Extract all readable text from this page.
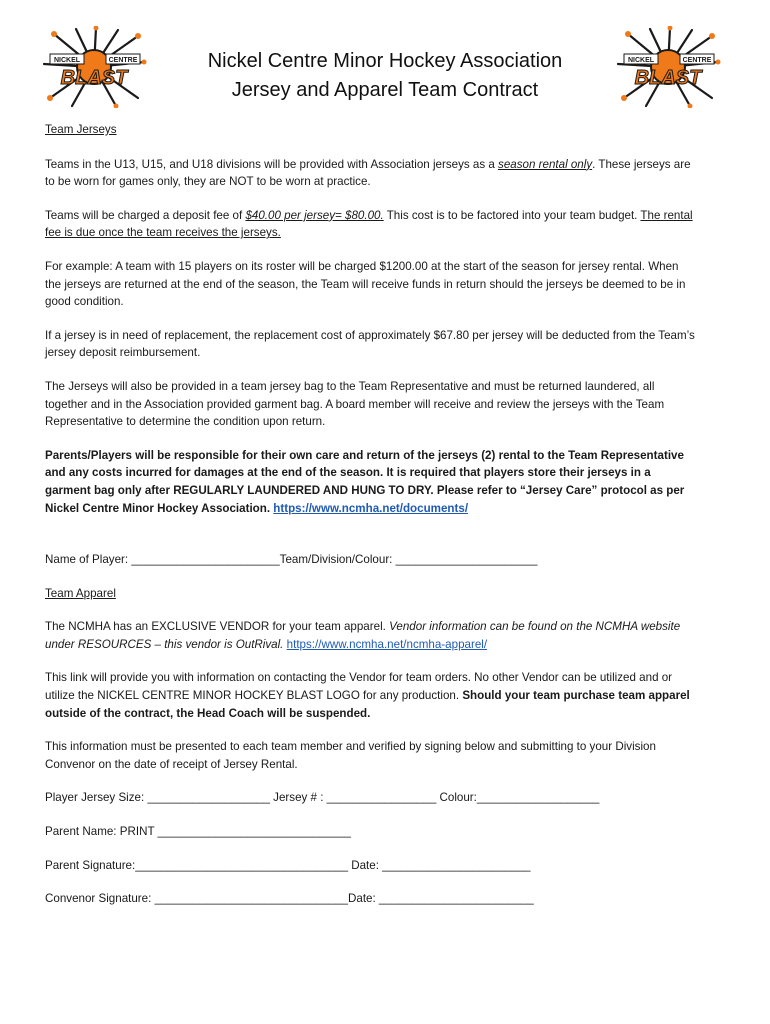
NICKEL	CENTRE
BLAST
NICKEL	CENTRE
BLAST
Nickel Centre Minor Hockey Association
Jersey and Apparel Team Contract

Team Jerseys

Teams in the U13, U15, and U18 divisions will be provided with Association jerseys as a season rental only. These jerseys are to be worn for games only, they are NOT to be worn at practice.

Teams will be charged a deposit fee of $40.00 per jersey= $80.00. This cost is to be factored into your team budget. The rental fee is due once the team receives the jerseys.

For example: A team with 15 players on its roster will be charged $1200.00 at the start of the season for jersey rental. When the jerseys are returned at the end of the season, the Team will receive funds in return should the jerseys be deemed to be in good condition.

If a jersey is in need of replacement, the replacement cost of approximately $67.80 per jersey will be deducted from the Team’s jersey deposit reimbursement.

The Jerseys will also be provided in a team jersey bag to the Team Representative and must be returned laundered, all together and in the Association provided garment bag. A board member will receive and review the jerseys with the Team Representative to determine the condition upon return.

Parents/Players will be responsible for their own care and return of the jerseys (2) rental to the Team Representative and any costs incurred for damages at the end of the season. It is required that players store their jerseys in a garment bag only after REGULARLY LAUNDERED AND HUNG TO DRY. Please refer to “Jersey Care” protocol as per Nickel Centre Minor Hockey Association. https://www.ncmha.net/documents/

Name of Player: _______________________Team/Division/Colour: ______________________

Team Apparel

The NCMHA has an EXCLUSIVE VENDOR for your team apparel. Vendor information can be found on the NCMHA website under RESOURCES – this vendor is OutRival. https://www.ncmha.net/ncmha-apparel/

This link will provide you with information on contacting the Vendor for team orders. No other Vendor can be utilized and or utilize the NICKEL CENTRE MINOR HOCKEY BLAST LOGO for any production. Should your team purchase team apparel outside of the contract, the Head Coach will be suspended.

This information must be presented to each team member and verified by signing below and submitting to your Division Convenor on the date of receipt of Jersey Rental.

Player Jersey Size: ___________________ Jersey # : _________________ Colour:___________________

Parent Name: PRINT ______________________________

Parent Signature:_________________________________ Date: _______________________

Convenor Signature: ______________________________Date: ________________________
